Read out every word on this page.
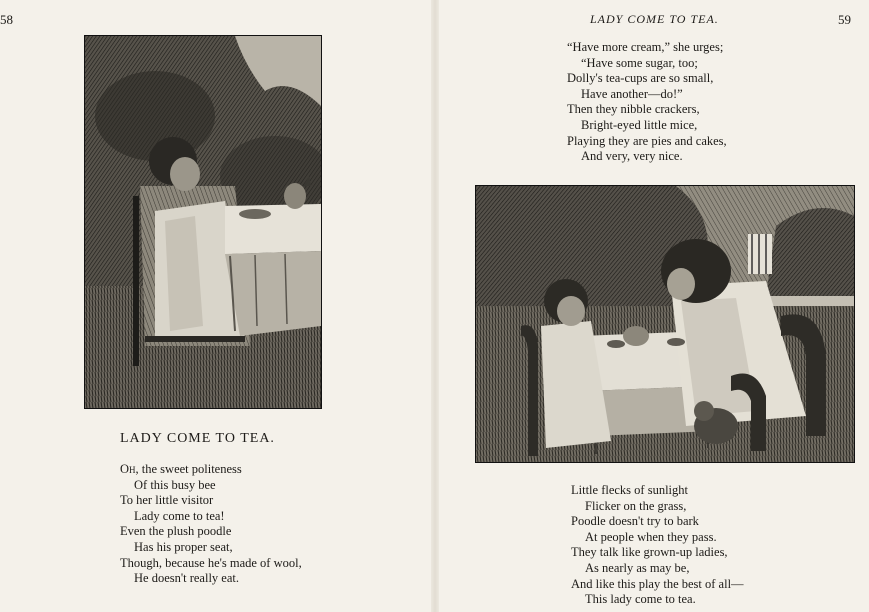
58
LADY COME TO TEA.
Oh, the sweet politeness
Of this busy bee
To her little visitor
Lady come to tea!
Even the plush poodle
Has his proper seat,
Though, because he's made of wool,
He doesn't really eat.
LADY COME TO TEA.	59
“Have more cream,” she urges;
“Have some sugar, too;
Dolly's tea-cups are so small,
Have another—do!”
Then they nibble crackers,
Bright-eyed little mice,
Playing they are pies and cakes,
And very, very nice.
Little flecks of sunlight
Flicker on the grass,
Poodle doesn't try to bark
At people when they pass.
They talk like grown-up ladies,
As nearly as may be,
And like this play the best of all—
This lady come to tea.
